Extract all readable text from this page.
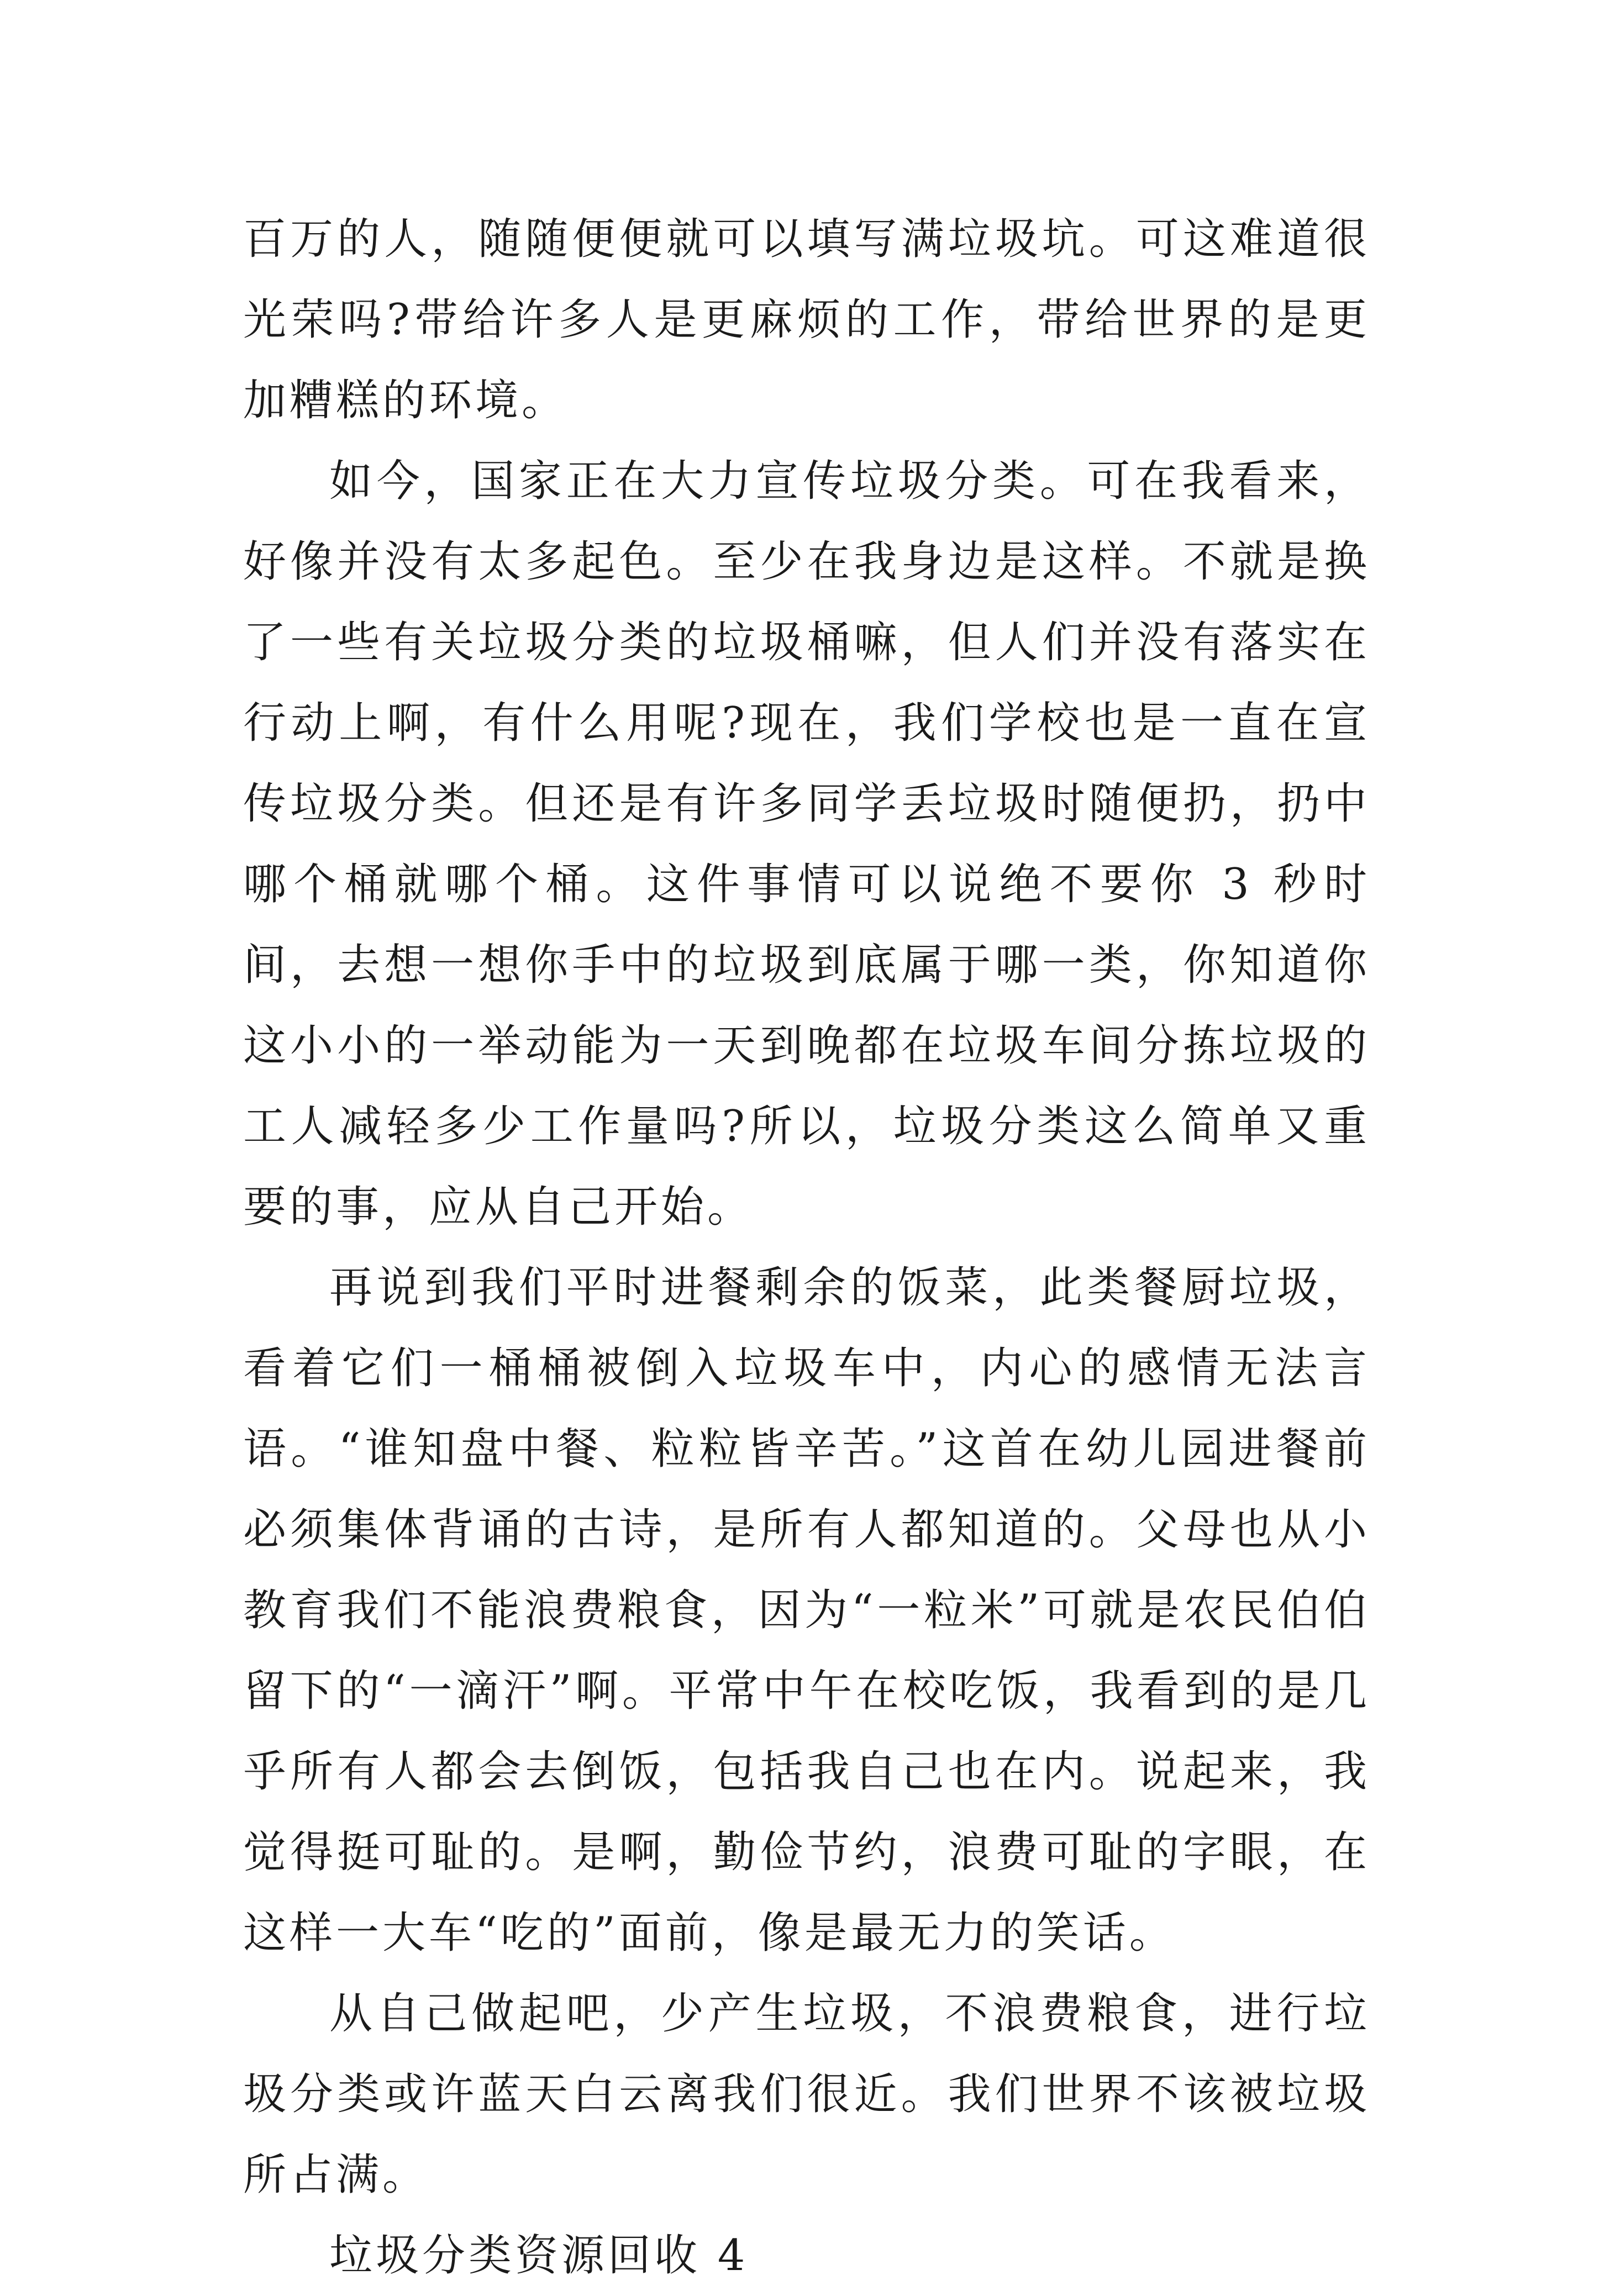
百万的人，随随便便就可以填写满垃圾坑。可这难道很光荣吗?带给许多人是更麻烦的工作，带给世界的是更加糟糕的环境。

如今，国家正在大力宣传垃圾分类。可在我看来，好像并没有太多起色。至少在我身边是这样。不就是换了一些有关垃圾分类的垃圾桶嘛，但人们并没有落实在行动上啊，有什么用呢?现在，我们学校也是一直在宣传垃圾分类。但还是有许多同学丢垃圾时随便扔，扔中哪个桶就哪个桶。这件事情可以说绝不要你 3 秒时间，去想一想你手中的垃圾到底属于哪一类，你知道你这小小的一举动能为一天到晚都在垃圾车间分拣垃圾的工人减轻多少工作量吗?所以，垃圾分类这么简单又重要的事，应从自己开始。

再说到我们平时进餐剩余的饭菜，此类餐厨垃圾，看着它们一桶桶被倒入垃圾车中，内心的感情无法言语。“谁知盘中餐、粒粒皆辛苦。”这首在幼儿园进餐前必须集体背诵的古诗，是所有人都知道的。父母也从小教育我们不能浪费粮食，因为“一粒米”可就是农民伯伯留下的“一滴汗”啊。平常中午在校吃饭，我看到的是几乎所有人都会去倒饭，包括我自己也在内。说起来，我觉得挺可耻的。是啊，勤俭节约，浪费可耻的字眼，在这样一大车“吃的”面前，像是最无力的笑话。

从自己做起吧，少产生垃圾，不浪费粮食，进行垃圾分类或许蓝天白云离我们很近。我们世界不该被垃圾所占满。

垃圾分类资源回收 4
